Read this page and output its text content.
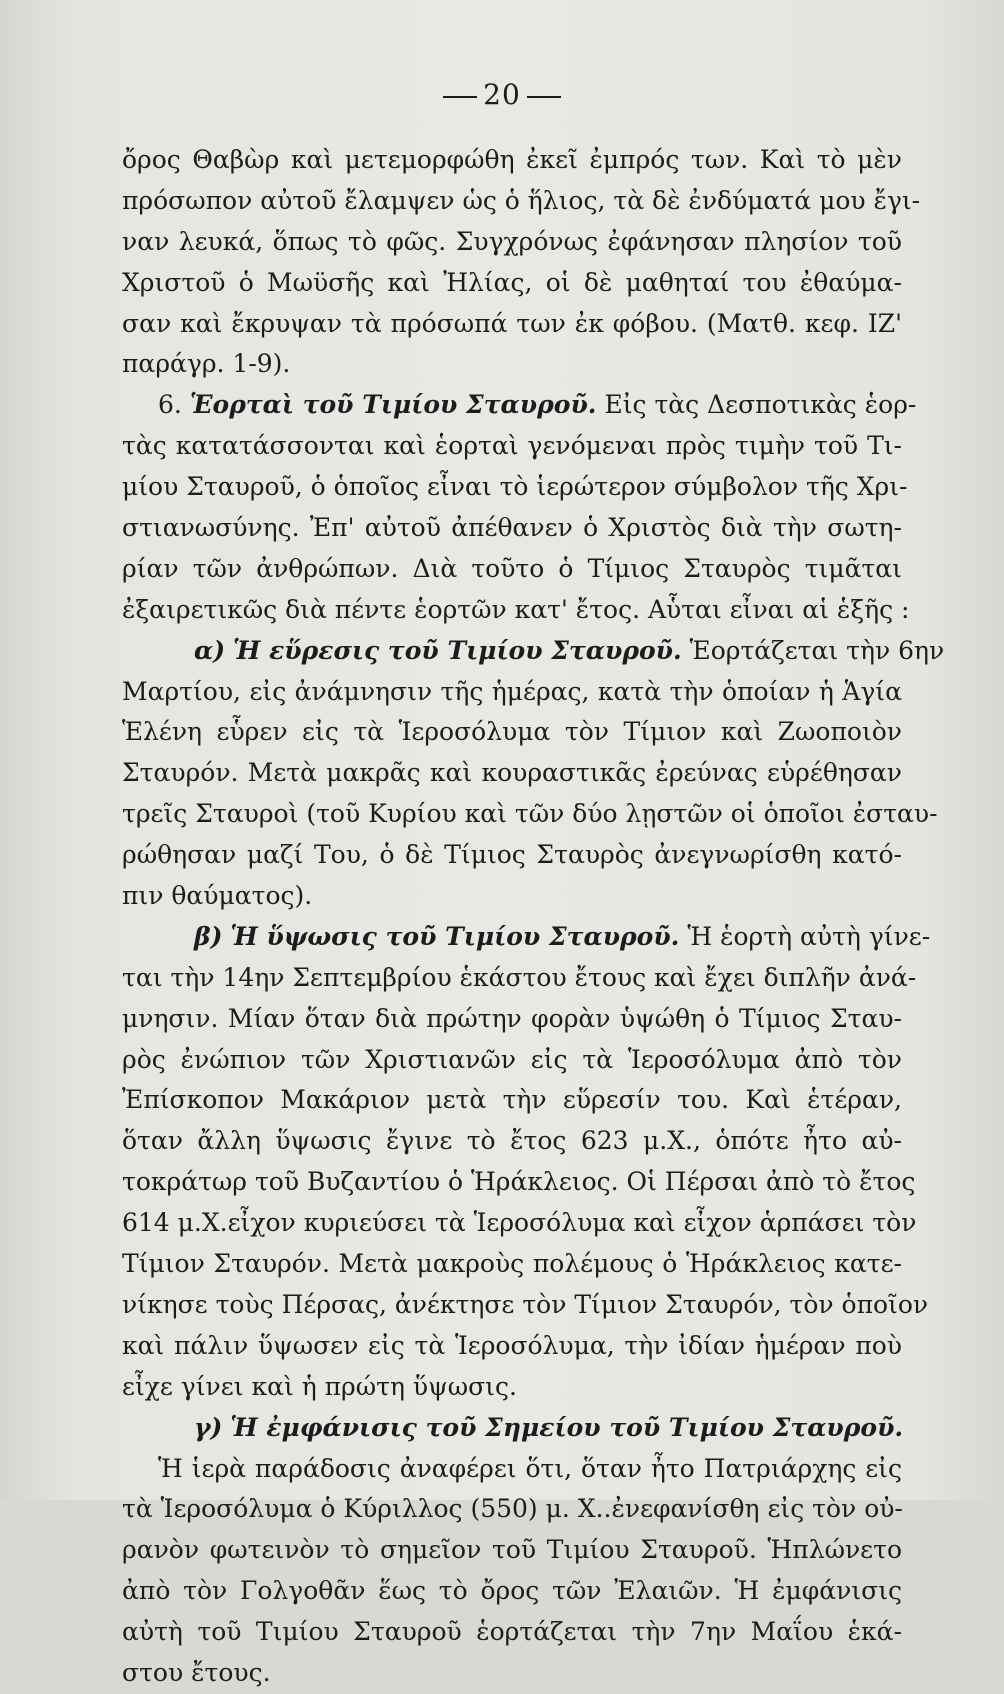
20
ὄρος Θαβὼρ καὶ μετεμορφώθη ἐκεῖ ἐμπρός των. Καὶ τὸ μὲν
πρόσωπον αὐτοῦ ἔλαμψεν ὡς ὁ ἥλιος, τὰ δὲ ἐνδύματά μου ἔγι-
ναν λευκά, ὅπως τὸ φῶς. Συγχρόνως ἐφάνησαν πλησίον τοῦ
Χριστοῦ ὁ Μωϋσῆς καὶ Ἠλίας, οἱ δὲ μαθηταί του ἐθαύμα-
σαν καὶ ἔκρυψαν τὰ πρόσωπά των ἐκ φόβου. (Ματθ. κεφ. ΙΖ'
παράγρ. 1-9).
6. Ἑορταὶ τοῦ Τιμίου Σταυροῦ. Εἰς τὰς Δεσποτικὰς ἑορ-
τὰς κατατάσσονται καὶ ἑορταὶ γενόμεναι πρὸς τιμὴν τοῦ Τι-
μίου Σταυροῦ, ὁ ὁποῖος εἶναι τὸ ἱερώτερον σύμβολον τῆς Χρι-
στιανωσύνης. Ἐπ' αὐτοῦ ἀπέθανεν ὁ Χριστὸς διὰ τὴν σωτη-
ρίαν τῶν ἀνθρώπων. Διὰ τοῦτο ὁ Τίμιος Σταυρὸς τιμᾶται
ἐξαιρετικῶς διὰ πέντε ἑορτῶν κατ' ἔτος. Αὗται εἶναι αἱ ἑξῆς :
α) Ἡ εὕρεσις τοῦ Τιμίου Σταυροῦ. Ἑορτάζεται τὴν 6ην
Μαρτίου, εἰς ἀνάμνησιν τῆς ἡμέρας, κατὰ τὴν ὁποίαν ἡ Ἁγία
Ἑλένη εὗρεν εἰς τὰ Ἱεροσόλυμα τὸν Τίμιον καὶ Ζωοποιὸν
Σταυρόν. Μετὰ μακρᾶς καὶ κουραστικᾶς ἐρεύνας εὑρέθησαν
τρεῖς Σταυροὶ (τοῦ Κυρίου καὶ τῶν δύο λῃστῶν οἱ ὁποῖοι ἐσταυ-
ρώθησαν μαζί Του, ὁ δὲ Τίμιος Σταυρὸς ἀνεγνωρίσθη κατό-
πιν θαύματος).
β) Ἡ ὕψωσις τοῦ Τιμίου Σταυροῦ. Ἡ ἑορτὴ αὐτὴ γίνε-
ται τὴν 14ην Σεπτεμβρίου ἑκάστου ἔτους καὶ ἔχει διπλῆν ἀνά-
μνησιν. Μίαν ὅταν διὰ πρώτην φορὰν ὑψώθη ὁ Τίμιος Σταυ-
ρὸς ἐνώπιον τῶν Χριστιανῶν εἰς τὰ Ἱεροσόλυμα ἀπὸ τὸν
Ἐπίσκοπον Μακάριον μετὰ τὴν εὕρεσίν του. Καὶ ἑτέραν,
ὅταν ἄλλη ὕψωσις ἔγινε τὸ ἔτος 623 μ.Χ., ὁπότε ἦτο αὐ-
τοκράτωρ τοῦ Βυζαντίου ὁ Ἡράκλειος. Οἱ Πέρσαι ἀπὸ τὸ ἔτος
614 μ.Χ.εἶχον κυριεύσει τὰ Ἱεροσόλυμα καὶ εἶχον ἁρπάσει τὸν
Τίμιον Σταυρόν. Μετὰ μακροὺς πολέμους ὁ Ἡράκλειος κατε-
νίκησε τοὺς Πέρσας, ἀνέκτησε τὸν Τίμιον Σταυρόν, τὸν ὁποῖον
καὶ πάλιν ὕψωσεν εἰς τὰ Ἱεροσόλυμα, τὴν ἰδίαν ἡμέραν ποὺ
εἶχε γίνει καὶ ἡ πρώτη ὕψωσις.
γ) Ἡ ἐμφάνισις τοῦ Σημείου τοῦ Τιμίου Σταυροῦ.
Ἡ ἱερὰ παράδοσις ἀναφέρει ὅτι, ὅταν ἦτο Πατριάρχης εἰς
τὰ Ἱεροσόλυμα ὁ Κύριλλος (550) μ. Χ..ἐνεφανίσθη εἰς τὸν οὐ-
ρανὸν φωτεινὸν τὸ σημεῖον τοῦ Τιμίου Σταυροῦ. Ἡπλώνετο
ἀπὸ τὸν Γολγοθᾶν ἕως τὸ ὄρος τῶν Ἐλαιῶν. Ἡ ἐμφάνισις
αὐτὴ τοῦ Τιμίου Σταυροῦ ἑορτάζεται τὴν 7ην Μαΐου ἑκά-
στου ἔτους.
